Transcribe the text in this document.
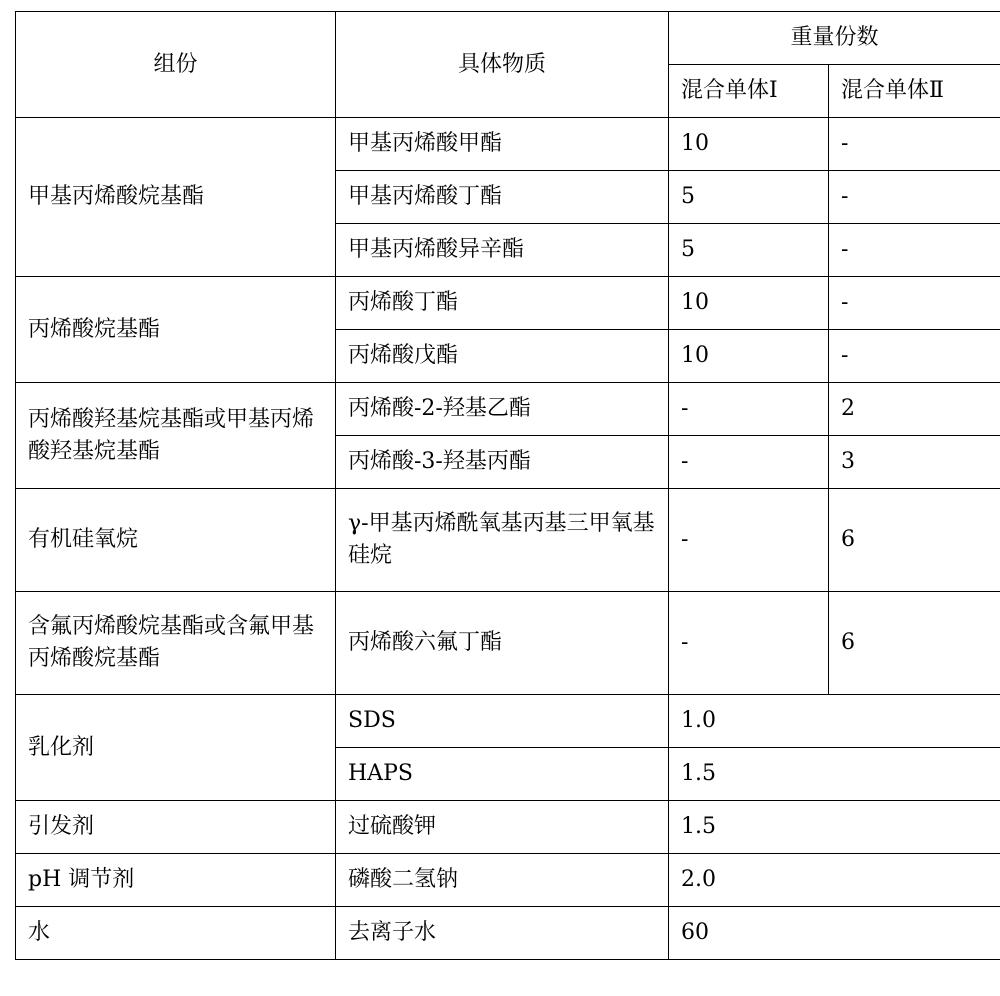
组份	具体物质	重量份数	
		混合单体Ⅰ	混合单体Ⅱ
甲基丙烯酸烷基酯	甲基丙烯酸甲酯	10	-
	甲基丙烯酸丁酯	5	-
	甲基丙烯酸异辛酯	5	-
丙烯酸烷基酯	丙烯酸丁酯	10	-
	丙烯酸戊酯	10	-
丙烯酸羟基烷基酯或甲基丙烯酸羟基烷基酯	丙烯酸-2-羟基乙酯	-	2
	丙烯酸-3-羟基丙酯	-	3
有机硅氧烷	γ-甲基丙烯酰氧基丙基三甲氧基硅烷	-	6
含氟丙烯酸烷基酯或含氟甲基丙烯酸烷基酯	丙烯酸六氟丁酯	-	6
乳化剂	SDS	1.0	
	HAPS	1.5	
引发剂	过硫酸钾	1.5	
pH 调节剂	磷酸二氢钠	2.0	
水	去离子水	60	
